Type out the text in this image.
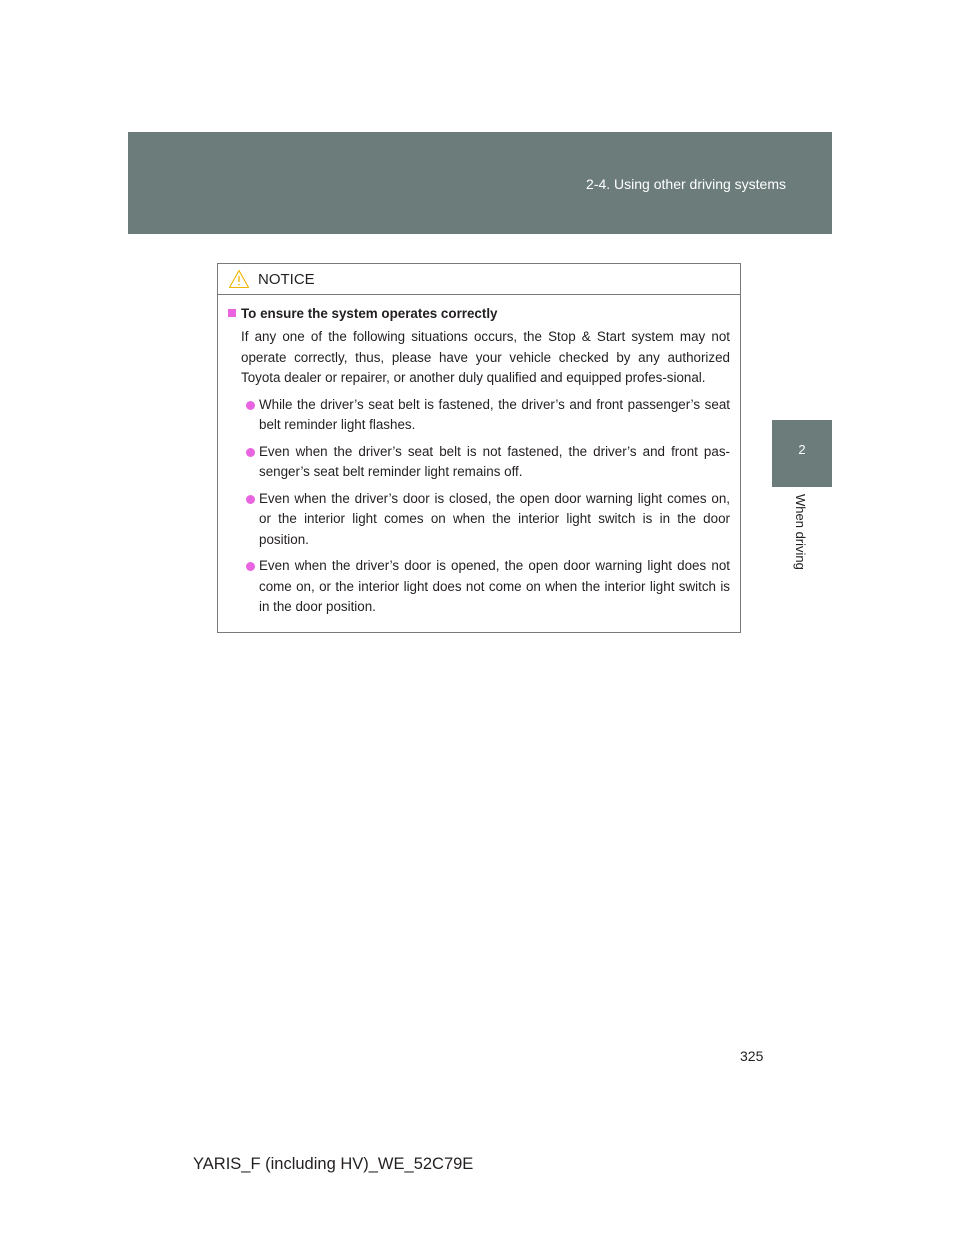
2-4. Using other driving systems
2
When driving
NOTICE
To ensure the system operates correctly

If any one of the following situations occurs, the Stop & Start system may not operate correctly, thus, please have your vehicle checked by any authorized Toyota dealer or repairer, or another duly qualified and equipped profes-sional.

While the driver’s seat belt is fastened, the driver’s and front passenger’s seat belt reminder light flashes.
Even when the driver’s seat belt is not fastened, the driver’s and front pas-senger’s seat belt reminder light remains off.
Even when the driver’s door is closed, the open door warning light comes on, or the interior light comes on when the interior light switch is in the door position.
Even when the driver’s door is opened, the open door warning light does not come on, or the interior light does not come on when the interior light switch is in the door position.
325
YARIS_F (including HV)_WE_52C79E
